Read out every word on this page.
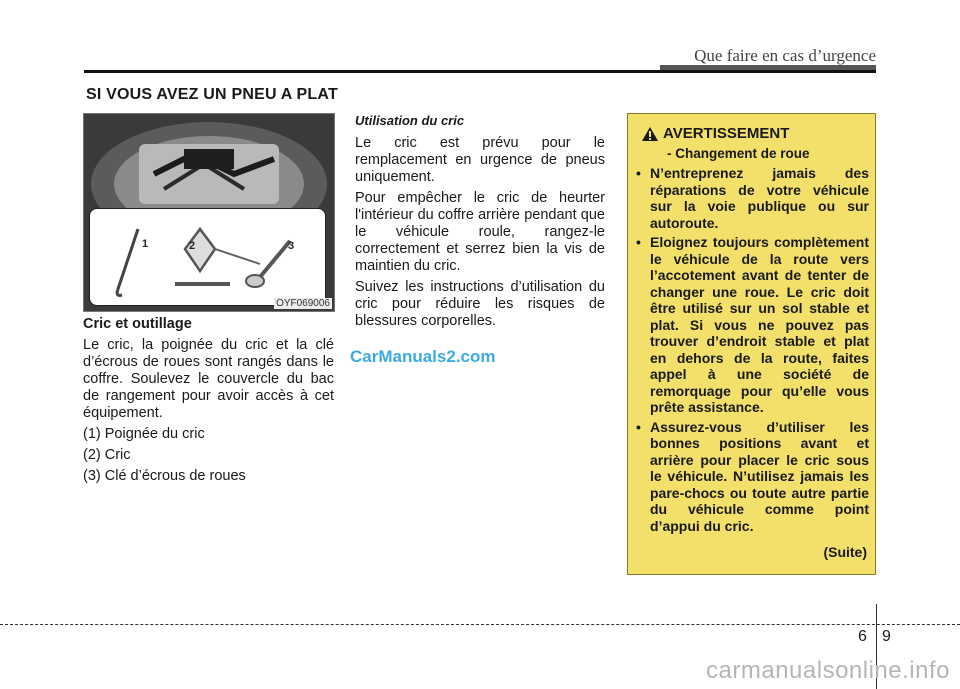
Que faire en cas d’urgence
SI VOUS AVEZ UN PNEU A PLAT
1	2	3
OYF069006
Cric et outillage

Le cric, la poignée du cric et la clé d’écrous de roues sont rangés dans le coffre. Soulevez le couvercle du bac de rangement pour avoir accès à cet équipement.

(1) Poignée du cric
(2) Cric
(3) Clé d’écrous de roues
Utilisation du cric

Le cric est prévu pour le remplacement en urgence de pneus uniquement.

Pour empêcher le cric de heurter l'intérieur du coffre arrière pendant que le véhicule roule, rangez-le correctement et serrez bien la vis de maintien du cric.

Suivez les instructions d’utilisation du cric pour réduire les risques de blessures corporelles.

AVERTISSEMENT
- Changement de roue
• N’entreprenez jamais des réparations de votre véhicule sur la voie publique ou sur autoroute.
• Eloignez toujours complètement le véhicule de la route vers l’accotement avant de tenter de changer une roue. Le cric doit être utilisé sur un sol stable et plat. Si vous ne pouvez pas trouver d’endroit stable et plat en dehors de la route, faites appel à une société de remorquage pour qu’elle vous prête assistance.
• Assurez-vous d’utiliser les bonnes positions avant et arrière pour placer le cric sous le véhicule. N’utilisez jamais les pare-chocs ou toute autre partie du véhicule comme point d’appui du cric.
(Suite)
CarManuals2.com
6 9
carmanualsonline.info
